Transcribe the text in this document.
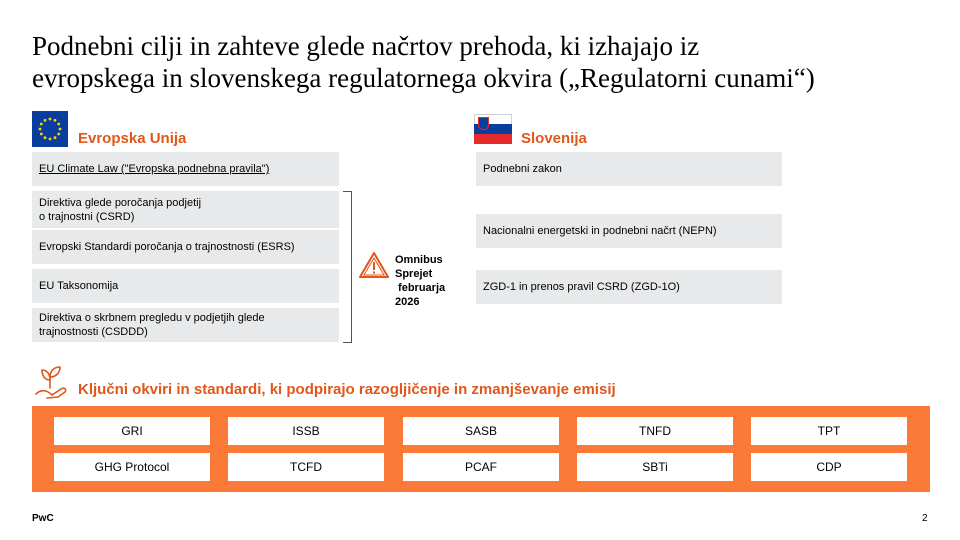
Podnebni cilji in zahteve glede načrtov prehoda, ki izhajajo iz
evropskega in slovenskega regulatornega okvira („Regulatorni cunami“)
Evropska Unija
EU Climate Law ("Evropska podnebna pravila")
Direktiva glede poročanja podjetij
o trajnostni (CSRD)
Evropski Standardi poročanja o trajnostnosti (ESRS)
EU Taksonomija
Direktiva o skrbnem pregledu v podjetjih glede
trajnostnosti (CSDDD)
Omnibus
Sprejet
februarja
2026
Slovenija
Podnebni zakon
Nacionalni energetski in podnebni načrt (NEPN)
ZGD-1 in prenos pravil CSRD (ZGD-1O)
Ključni okviri in standardi, ki podpirajo razogljičenje in zmanjševanje emisij
GRI	ISSB	SASB	TNFD	TPT
GHG Protocol	TCFD	PCAF	SBTi	CDP
PwC	2
